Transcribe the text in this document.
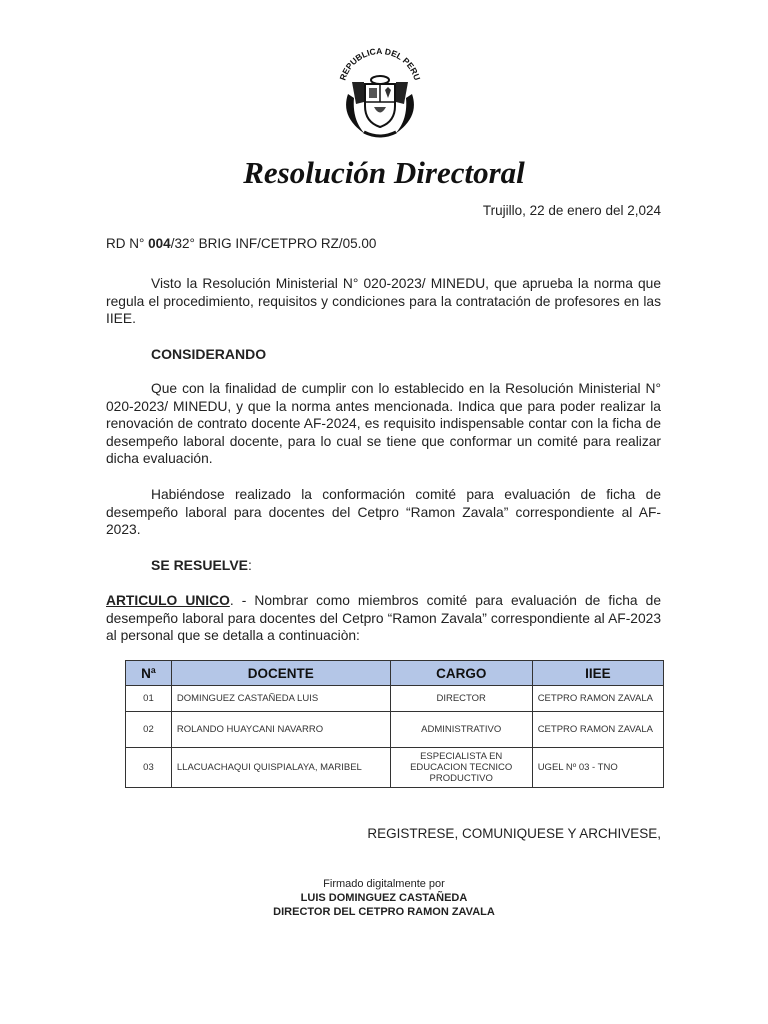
REPUBLICA DEL PERU
Resolución Directoral
Trujillo, 22 de enero del 2,024
RD N° 004/32° BRIG INF/CETPRO RZ/05.00
Visto la Resolución Ministerial N° 020-2023/ MINEDU, que aprueba la norma que regula el procedimiento, requisitos y condiciones para la contratación de profesores en las IIEE.
CONSIDERANDO
Que con la finalidad de cumplir con lo establecido en la Resolución Ministerial N° 020-2023/ MINEDU, y que la norma antes mencionada. Indica que para poder realizar la renovación de contrato docente AF-2024, es requisito indispensable contar con la ficha de desempeño laboral docente, para lo cual se tiene que conformar un comité para realizar dicha evaluación.
Habiéndose realizado la conformación comité para evaluación de ficha de desempeño laboral para docentes del Cetpro “Ramon Zavala” correspondiente al AF-2023.
SE RESUELVE:
ARTICULO UNICO. - Nombrar como miembros comité para evaluación de ficha de desempeño laboral para docentes del Cetpro “Ramon Zavala” correspondiente al AF-2023 al personal que se detalla a continuaciòn:
Nª	DOCENTE	CARGO	IIEE
01	DOMINGUEZ CASTAÑEDA LUIS	DIRECTOR	CETPRO RAMON ZAVALA
02	ROLANDO HUAYCANI NAVARRO	ADMINISTRATIVO	CETPRO RAMON ZAVALA
03	LLACUACHAQUI QUISPIALAYA, MARIBEL	ESPECIALISTA EN EDUCACION TECNICO PRODUCTIVO	UGEL Nº 03 - TNO
REGISTRESE, COMUNIQUESE Y ARCHIVESE,
Firmado digitalmente por
LUIS DOMINGUEZ CASTAÑEDA
DIRECTOR DEL CETPRO RAMON ZAVALA
